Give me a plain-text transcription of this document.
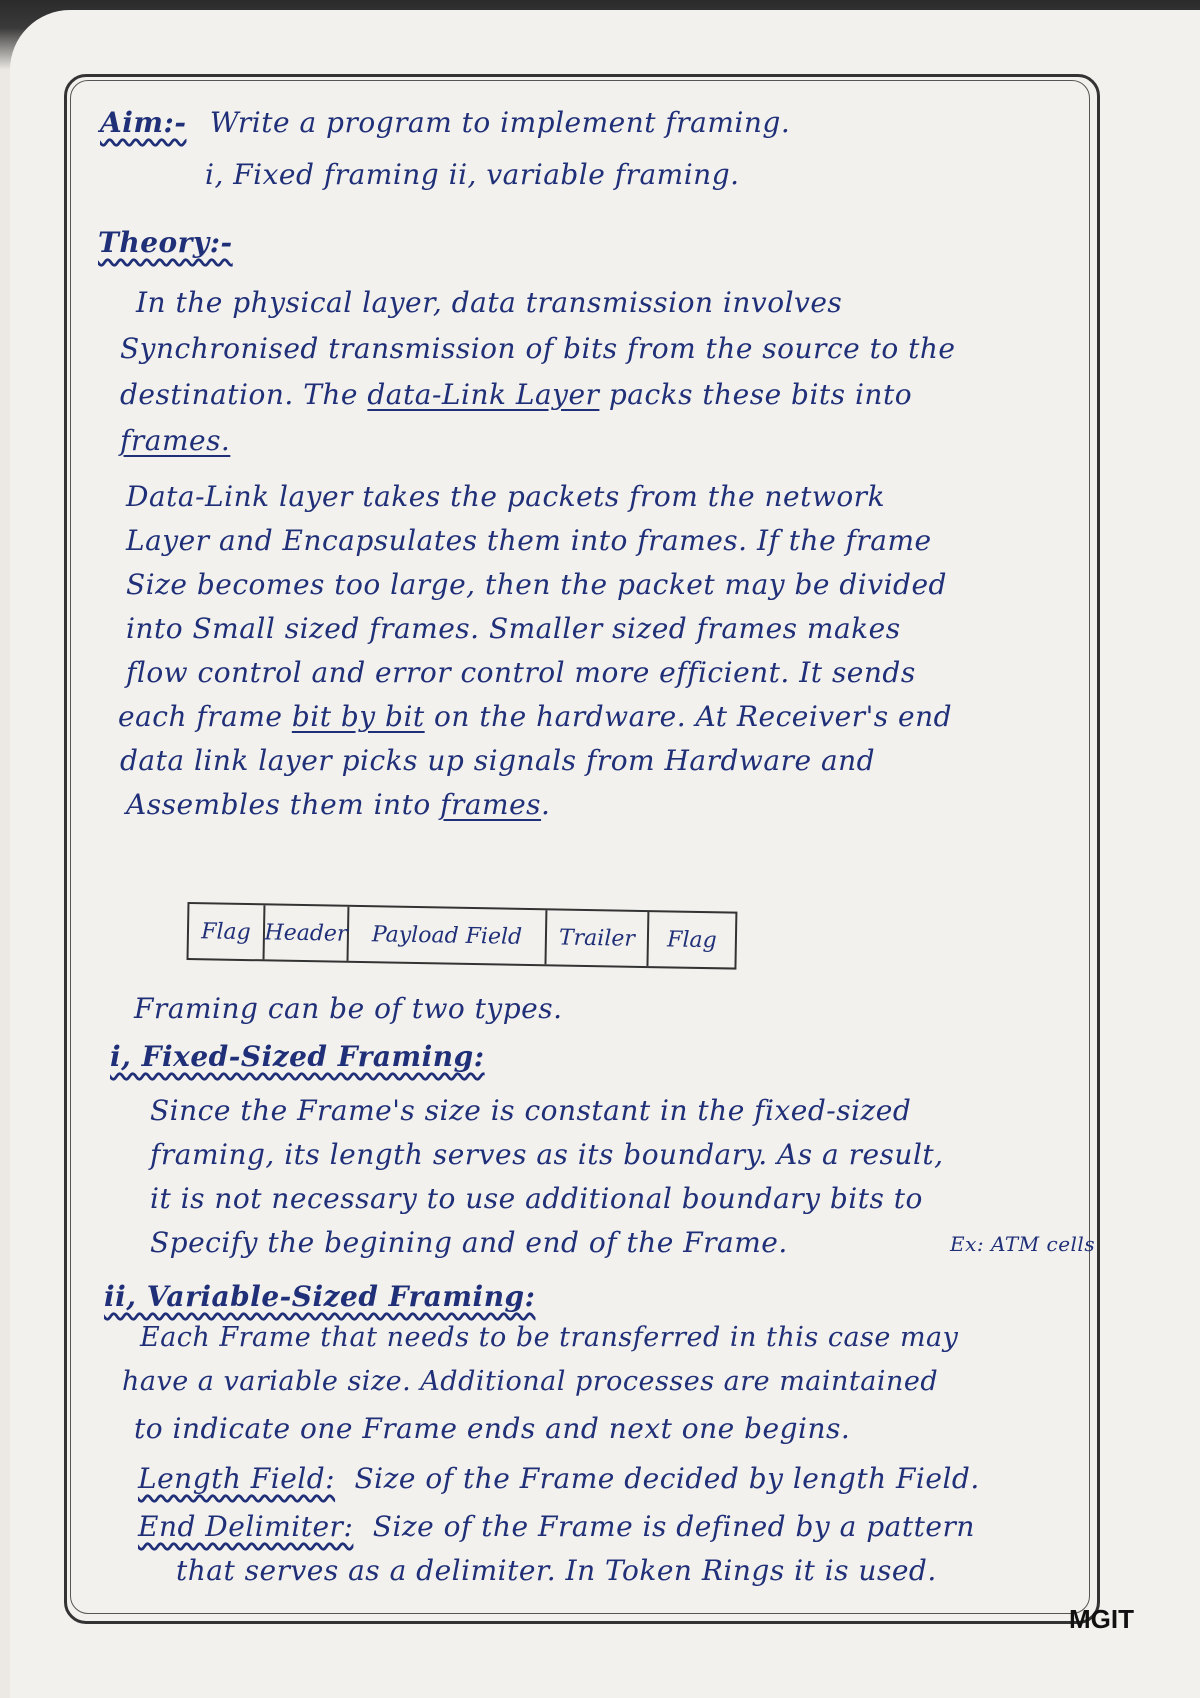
Aim:- Write a program to implement framing.
i, Fixed framing ii, variable framing.
Theory:-
In the physical layer, data transmission involves
Synchronised transmission of bits from the source to the
destination. The data-Link Layer packs these bits into
frames.
Data-Link layer takes the packets from the network
Layer and Encapsulates them into frames. If the frame
Size becomes too large, then the packet may be divided
into Small sized frames. Smaller sized frames makes
flow control and error control more efficient. It sends
each frame bit by bit on the hardware. At Receiver's end
data link layer picks up signals from Hardware and
Assembles them into frames.
Flag Header	Payload Field	Trailer	Flag
Framing can be of two types.
i, Fixed-Sized Framing:
Since the Frame's size is constant in the fixed-sized
framing, its length serves as its boundary. As a result,
it is not necessary to use additional boundary bits to
Specify the begining and end of the Frame.	Ex: ATM cells
ii, Variable-Sized Framing:
Each Frame that needs to be transferred in this case may
have a variable size. Additional processes are maintained
to indicate one Frame ends and next one begins.
Length Field: Size of the Frame decided by length Field.
End Delimiter: Size of the Frame is defined by a pattern
that serves as a delimiter. In Token Rings it is used.
MGIT
